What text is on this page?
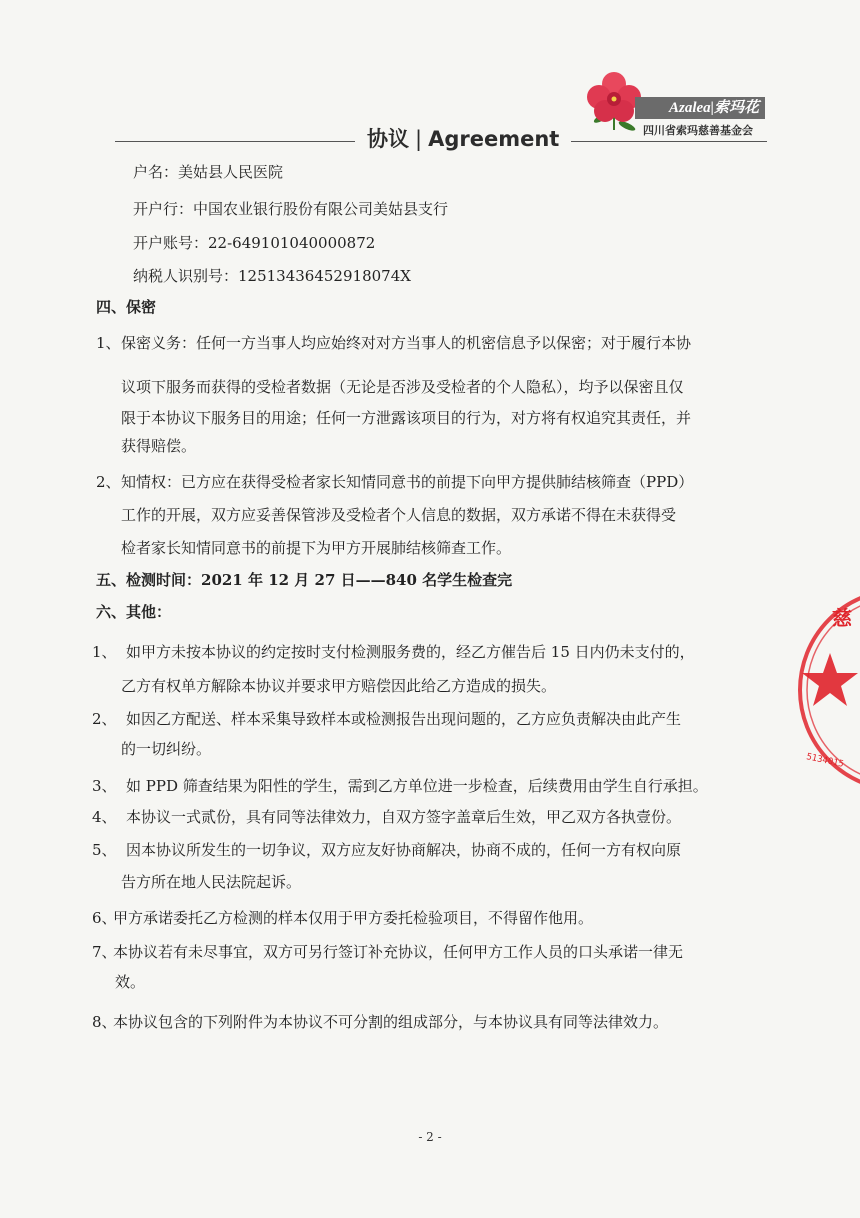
协议 | Agreement
Azalea|索玛花
四川省索玛慈善基金会
户名：美姑县人民医院
开户行：中国农业银行股份有限公司美姑县支行
开户账号：22-649101040000872
纳税人识别号：12513436452918074X
四、保密
1、 保密义务：任何一方当事人均应始终对对方当事人的机密信息予以保密；对于履行本协
议项下服务而获得的受检者数据（无论是否涉及受检者的个人隐私），均予以保密且仅
限于本协议下服务目的用途；任何一方泄露该项目的行为，对方将有权追究其责任，并
获得赔偿。
2、 知情权：已方应在获得受检者家长知情同意书的前提下向甲方提供肺结核筛查（PPD）
工作的开展，双方应妥善保管涉及受检者个人信息的数据，双方承诺不得在未获得受
检者家长知情同意书的前提下为甲方开展肺结核筛查工作。
五、检测时间：2021 年 12 月 27 日——840 名学生检查完
六、其他：
1、 如甲方未按本协议的约定按时支付检测服务费的，经乙方催告后 15 日内仍未支付的，
乙方有权单方解除本协议并要求甲方赔偿因此给乙方造成的损失。
2、 如因乙方配送、样本采集导致样本或检测报告出现问题的，乙方应负责解决由此产生
的一切纠纷。
3、 如 PPD 筛查结果为阳性的学生，需到乙方单位进一步检查，后续费用由学生自行承担。
4、 本协议一式贰份，具有同等法律效力，自双方签字盖章后生效，甲乙双方各执壹份。
5、 因本协议所发生的一切争议，双方应友好协商解决，协商不成的，任何一方有权向原
告方所在地人民法院起诉。
6、
甲方承诺委托乙方检测的样本仅用于甲方委托检验项目，不得留作他用。
7、
本协议若有未尽事宜，双方可另行签订补充协议，任何甲方工作人员的口头承诺一律无
效。
8、
本协议包含的下列附件为本协议不可分割的组成部分，与本协议具有同等法律效力。
慈
5134015
- 2 -
